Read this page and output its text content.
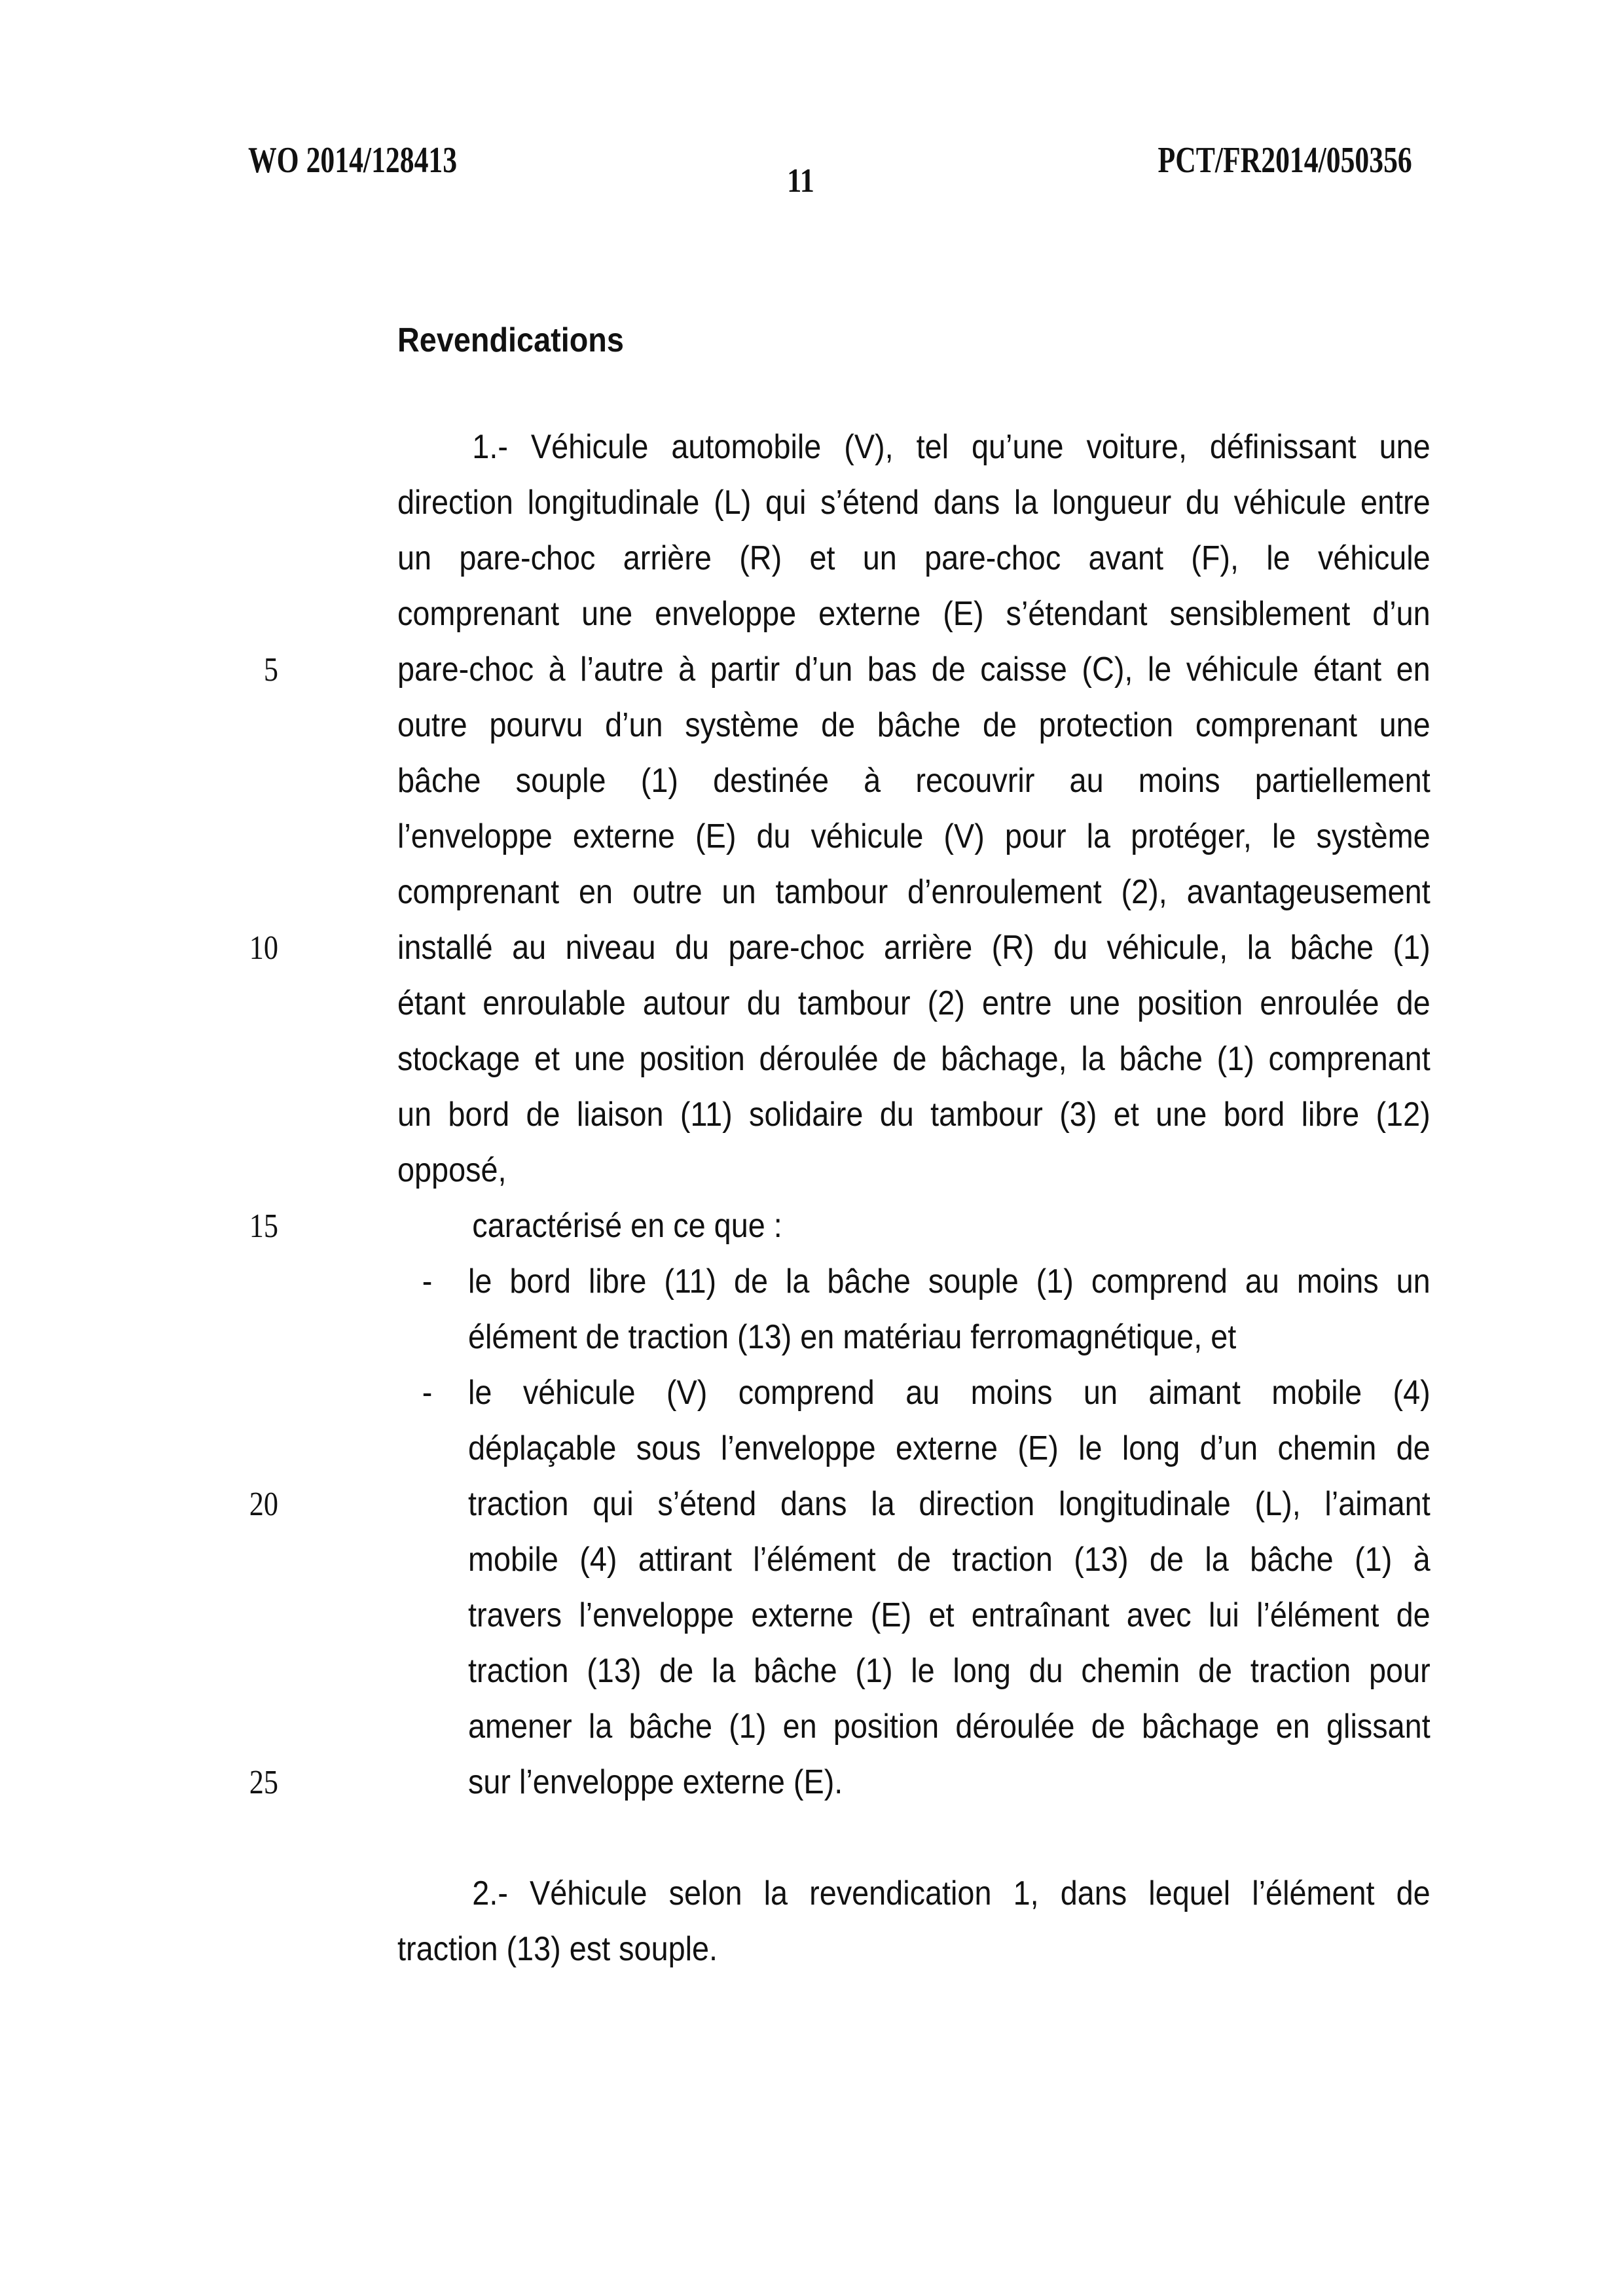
WO 2014/128413	PCT/FR2014/050356
11
Revendications
5
10
15
20
25
1.- Véhicule automobile (V), tel qu’une voiture, définissant une
direction longitudinale (L) qui s’étend dans la longueur du véhicule entre
un pare-choc arrière (R) et un pare-choc avant (F), le véhicule
comprenant une enveloppe externe (E) s’étendant sensiblement d’un
pare-choc à l’autre à partir d’un bas de caisse (C), le véhicule étant en
outre pourvu d’un système de bâche de protection comprenant une
bâche souple (1) destinée à recouvrir au moins partiellement
l’enveloppe externe (E) du véhicule (V) pour la protéger, le système
comprenant en outre un tambour d’enroulement (2), avantageusement
installé au niveau du pare-choc arrière (R) du véhicule, la bâche (1)
étant enroulable autour du tambour (2) entre une position enroulée de
stockage et une position déroulée de bâchage, la bâche (1) comprenant
un bord de liaison (11) solidaire du tambour (3) et une bord libre (12)
opposé,
caractérisé en ce que :
- le bord libre (11) de la bâche souple (1) comprend au moins un
élément de traction (13) en matériau ferromagnétique, et
- le véhicule (V) comprend au moins un aimant mobile (4)
déplaçable sous l’enveloppe externe (E) le long d’un chemin de
traction qui s’étend dans la direction longitudinale (L), l’aimant
mobile (4) attirant l’élément de traction (13) de la bâche (1) à
travers l’enveloppe externe (E) et entraînant avec lui l’élément de
traction (13) de la bâche (1) le long du chemin de traction pour
amener la bâche (1) en position déroulée de bâchage en glissant
sur l’enveloppe externe (E).
2.- Véhicule selon la revendication 1, dans lequel l’élément de
traction (13) est souple.
